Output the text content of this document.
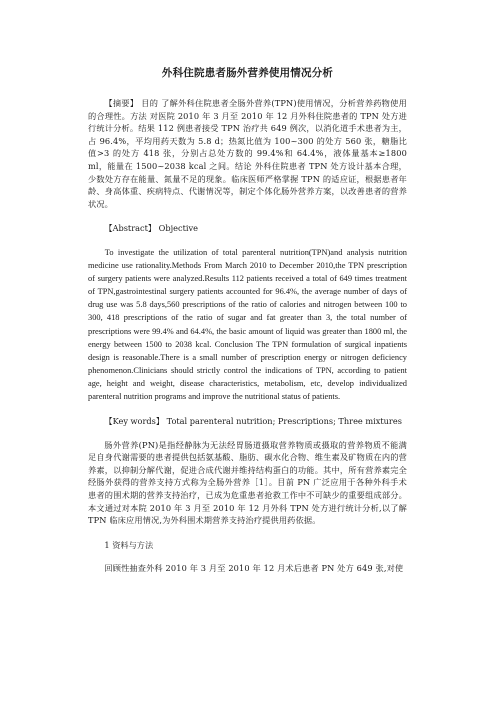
外科住院患者肠外营养使用情况分析

【摘要】 目的 了解外科住院患者全肠外营养(TPN)使用情况，分析营养药物使用的合理性。方法 对医院 2010 年 3 月至 2010 年 12 月外科住院患者的 TPN 处方进行统计分析。结果 112 例患者接受 TPN 治疗共 649 例次，以消化道手术患者为主，占 96.4%，平均用药天数为 5.8 d；热氮比值为 100~300 的处方 560 张，糖脂比值>3 的处方 418 张，分别占总处方数的 99.4%和 64.4%，液体量基本≥1800 ml，能量在 1500~2038 kcal 之间。结论 外科住院患者 TPN 处方设计基本合理，少数处方存在能量、氮量不足的现象。临床医师严格掌握 TPN 的适应证，根据患者年龄、身高体重、疾病特点、代谢情况等，制定个体化肠外营养方案，以改善患者的营养状况。

【Abstract】 Objective

To investigate the utilization of total parenteral nutrition(TPN)and analysis nutrition medicine use rationality.Methods From March 2010 to December 2010,the TPN prescription of surgery patients were analyzed.Results 112 patients received a total of 649 times treatment of TPN,gastrointestinal surgery patients accounted for 96.4%, the average number of days of drug use was 5.8 days,560 prescriptions of the ratio of calories and nitrogen between 100 to 300, 418 prescriptions of the ratio of sugar and fat greater than 3, the total number of prescriptions were 99.4% and 64.4%, the basic amount of liquid was greater than 1800 ml, the energy between 1500 to 2038 kcal. Conclusion The TPN formulation of surgical inpatients design is reasonable.There is a small number of prescription energy or nitrogen deficiency phenomenon.Clinicians should strictly control the indications of TPN, according to patient age, height and weight, disease characteristics, metabolism, etc, develop individualized parenteral nutrition programs and improve the nutritional status of patients.

【Key words】 Total parenteral nutrition; Prescriptions; Three mixtures

肠外营养(PN)是指经静脉为无法经胃肠道摄取营养物质或摄取的营养物质不能满足自身代谢需要的患者提供包括氨基酸、脂肪、碳水化合物、维生素及矿物质在内的营养素，以抑制分解代谢，促进合成代谢并维持结构蛋白的功能。其中，所有营养素完全经肠外获得的营养支持方式称为全肠外营养［1］。目前 PN 广泛应用于各种外科手术患者的围术期的营养支持治疗，已成为危重患者抢救工作中不可缺少的重要组成部分。本文通过对本院 2010 年 3 月至 2010 年 12 月外科 TPN 处方进行统计分析,以了解 TPN 临床应用情况,为外科围术期营养支持治疗提供用药依据。

1 资料与方法

回顾性抽查外科 2010 年 3 月至 2010 年 12 月术后患者 PN 处方 649 张,对使
